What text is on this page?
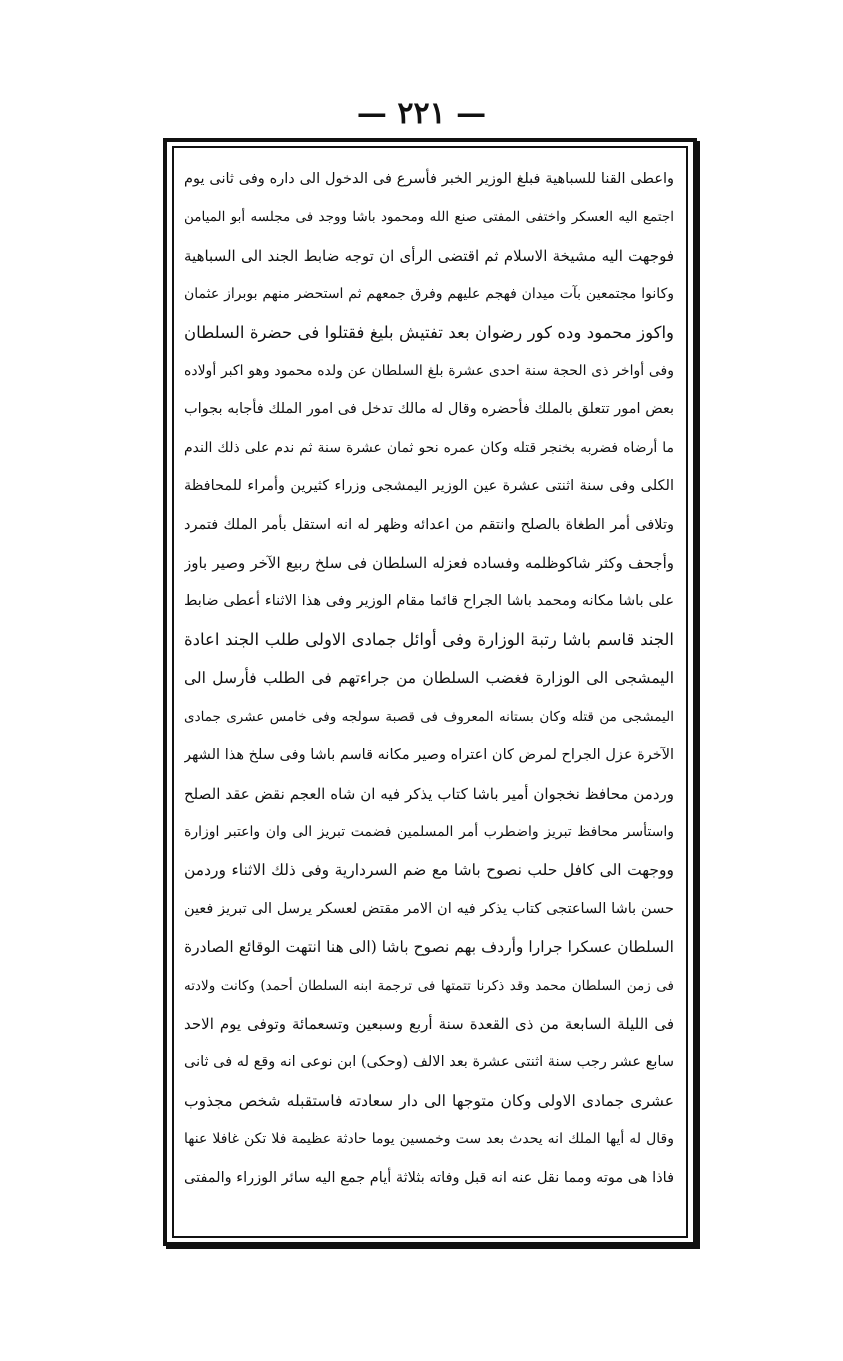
— ٢٢١ —
واعطى القنا للسباهية فبلغ الوزير الخبر فأسرع فى الدخول الى داره وفى ثانى يوم
اجتمع اليه العسكر واختفى المفتى صنع الله ومحمود باشا ووجد فى مجلسه أبو الميامن
فوجهت اليه مشيخة الاسلام ثم اقتضى الرأى ان توجه ضابط الجند الى السباهية
وكانوا مجتمعين بآت ميدان فهجم عليهم وفرق جمعهم ثم استحضر منهم بوبراز عثمان
واكوز محمود وده كور رضوان بعد تفتيش بليغ فقتلوا فى حضرة السلطان
وفى أواخر ذى الحجة سنة احدى عشرة بلغ السلطان عن ولده محمود وهو اكبر أولاده
بعض امور تتعلق بالملك فأحضره وقال له مالك تدخل فى امور الملك فأجابه بجواب
ما أرضاه فضربه بخنجر قتله وكان عمره نحو ثمان عشرة سنة ثم ندم على ذلك الندم
الكلى وفى سنة اثنتى عشرة عين الوزير اليمشجى وزراء كثيرين وأمراء للمحافظة
وتلافى أمر الطغاة بالصلح وانتقم من اعدائه وظهر له انه استقل بأمر الملك فتمرد
وأجحف وكثر شاكوظلمه وفساده فعزله السلطان فى سلخ ربيع الآخر وصير باوز
على باشا مكانه ومحمد باشا الجراح قائما مقام الوزير وفى هذا الاثناء أعطى ضابط
الجند قاسم باشا رتبة الوزارة وفى أوائل جمادى الاولى طلب الجند اعادة
اليمشجى الى الوزارة فغضب السلطان من جراءتهم فى الطلب فأرسل الى
اليمشجى من قتله وكان بستانه المعروف فى قصبة سولجه وفى خامس عشرى جمادى
الآخرة عزل الجراح لمرض كان اعتراه وصير مكانه قاسم باشا وفى سلخ هذا الشهر
وردمن محافظ نخجوان أمير باشا كتاب يذكر فيه ان شاه العجم نقض عقد الصلح
واستأسر محافظ تبريز واضطرب أمر المسلمين فضمت تبريز الى وان واعتبر اوزارة
ووجهت الى كافل حلب نصوح باشا مع ضم السردارية وفى ذلك الاثناء وردمن
حسن باشا الساعتجى كتاب يذكر فيه ان الامر مقتض لعسكر يرسل الى تبريز فعين
السلطان عسكرا جرارا وأردف بهم نصوح باشا (الى هنا انتهت الوقائع الصادرة
فى زمن السلطان محمد وقد ذكرنا تتمتها فى ترجمة ابنه السلطان أحمد) وكانت ولادته
فى الليلة السابعة من ذى القعدة سنة أربع وسبعين وتسعمائة وتوفى يوم الاحد
سابع عشر رجب سنة اثنتى عشرة بعد الالف (وحكى) ابن نوعى انه وقع له فى ثانى
عشرى جمادى الاولى وكان متوجها الى دار سعادته فاستقبله شخص مجذوب
وقال له أيها الملك انه يحدث بعد ست وخمسين يوما حادثة عظيمة فلا تكن غافلا عنها
فاذا هى موته ومما نقل عنه انه قبل وفاته بثلاثة أيام جمع اليه سائر الوزراء والمفتى
